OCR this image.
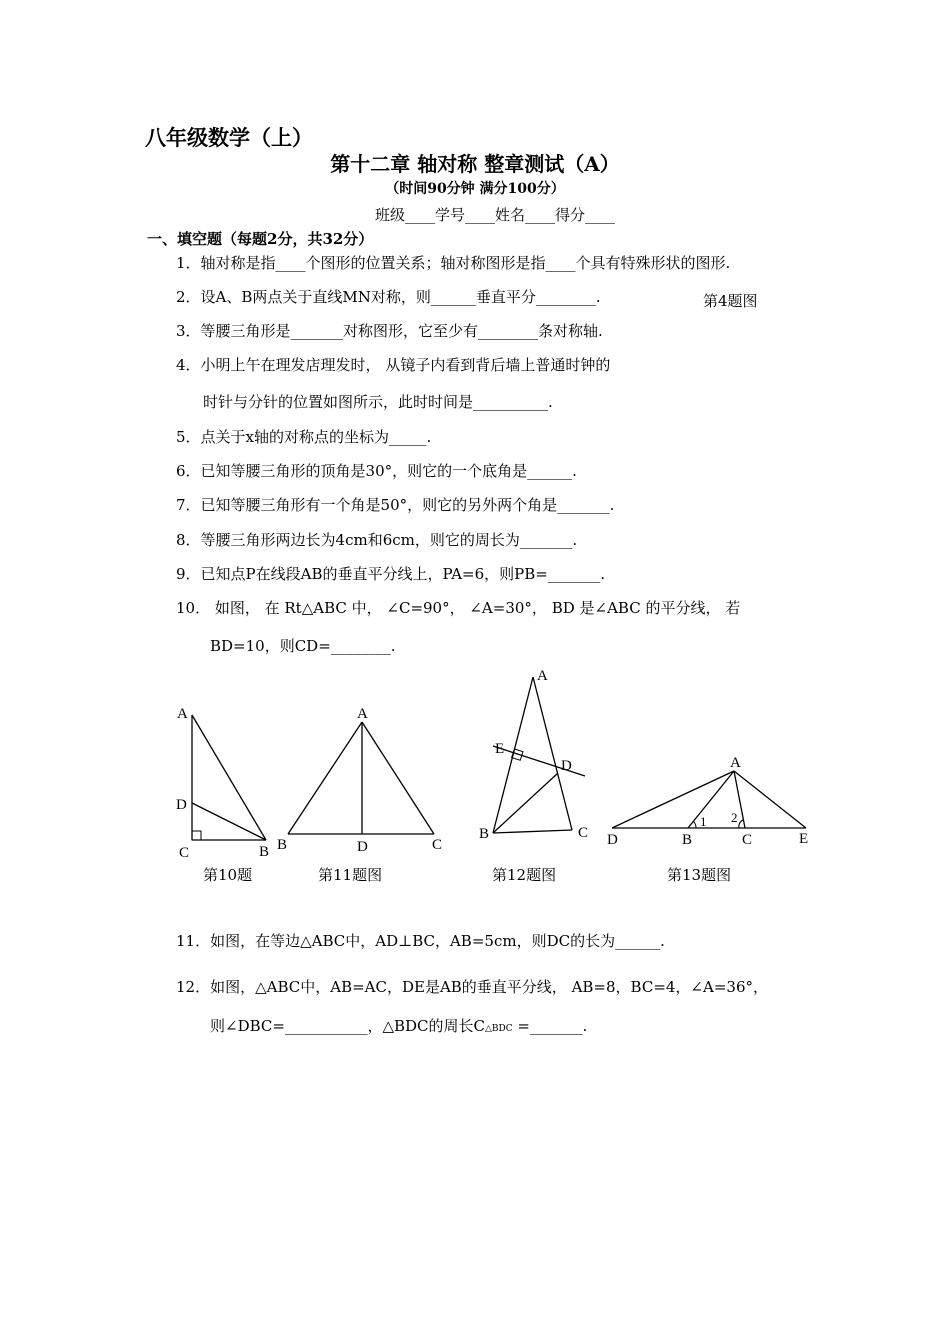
八年级数学（上）
第十二章 轴对称 整章测试（A）
（时间90分钟 满分100分）
班级____学号____姓名____得分____
一、填空题（每题2分，共32分）
1．轴对称是指____个图形的位置关系；轴对称图形是指____个具有特殊形状的图形.
2．设A、B两点关于直线MN对称，则______垂直平分________.	第4题图
3．等腰三角形是_______对称图形，它至少有________条对称轴.
4．小明上午在理发店理发时， 从镜子内看到背后墙上普通时钟的
时针与分针的位置如图所示，此时时间是__________.
5．点关于x轴的对称点的坐标为_____.
6．已知等腰三角形的顶角是30°，则它的一个底角是______.
7．已知等腰三角形有一个角是50°，则它的另外两个角是_______.
8．等腰三角形两边长为4cm和6cm，则它的周长为_______.
9．已知点P在线段AB的垂直平分线上，PA=6，则PB=_______.
10． 如图， 在 Rt△ABC 中， ∠C=90°， ∠A=30°， BD 是∠ABC 的平分线， 若
BD=10，则CD=________.
A
D
C	B
第10题
A
B	D	C
第11题图
A
E
D
B	C
第12题图
A
D	B	C	E
1 2
第13题图
11．如图，在等边△ABC中，AD⊥BC，AB=5cm，则DC的长为______.
12．如图，△ABC中，AB=AC，DE是AB的垂直平分线， AB=8，BC=4，∠A=36°，
则∠DBC=___________，△BDC的周长C△BDC =_______.
